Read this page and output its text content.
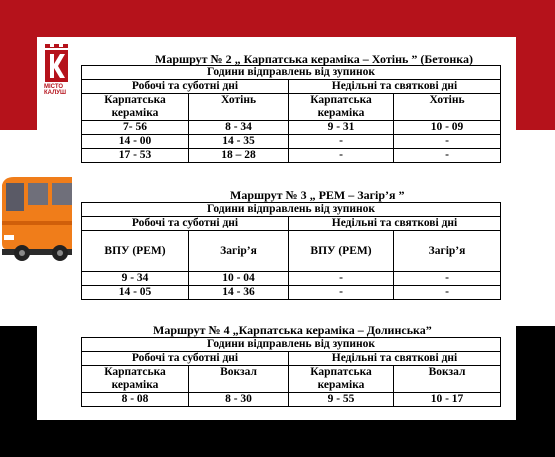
МІСТО
КАЛУШ
Маршрут № 2 „ Карпатська кераміка – Хотінь ” (Бетонка)
Години відправлень від зупинок			
Робочі та суботні дні		Недільні та святкові дні	
Карпатська кераміка	Хотінь	Карпатська кераміка	Хотінь
7- 56	8 - 34	9 - 31	10 - 09
14 - 00	14 - 35	-	-
17 - 53	18 – 28	-	-
Маршрут № 3 „ РЕМ – Загір’я ”
Години відправлень від зупинок			
Робочі та суботні дні		Недільні та святкові дні	
ВПУ (РЕМ)	Загір’я	ВПУ (РЕМ)	Загір’я
9 - 34	10 - 04	-	-
14 - 05	14 - 36	-	-
Маршрут № 4 „Карпатська кераміка – Долинська”
Години відправлень від зупинок			
Робочі та суботні дні		Недільні та святкові дні	
Карпатська кераміка	Вокзал	Карпатська кераміка	Вокзал
8 - 08	8 - 30	9 - 55	10 - 17
